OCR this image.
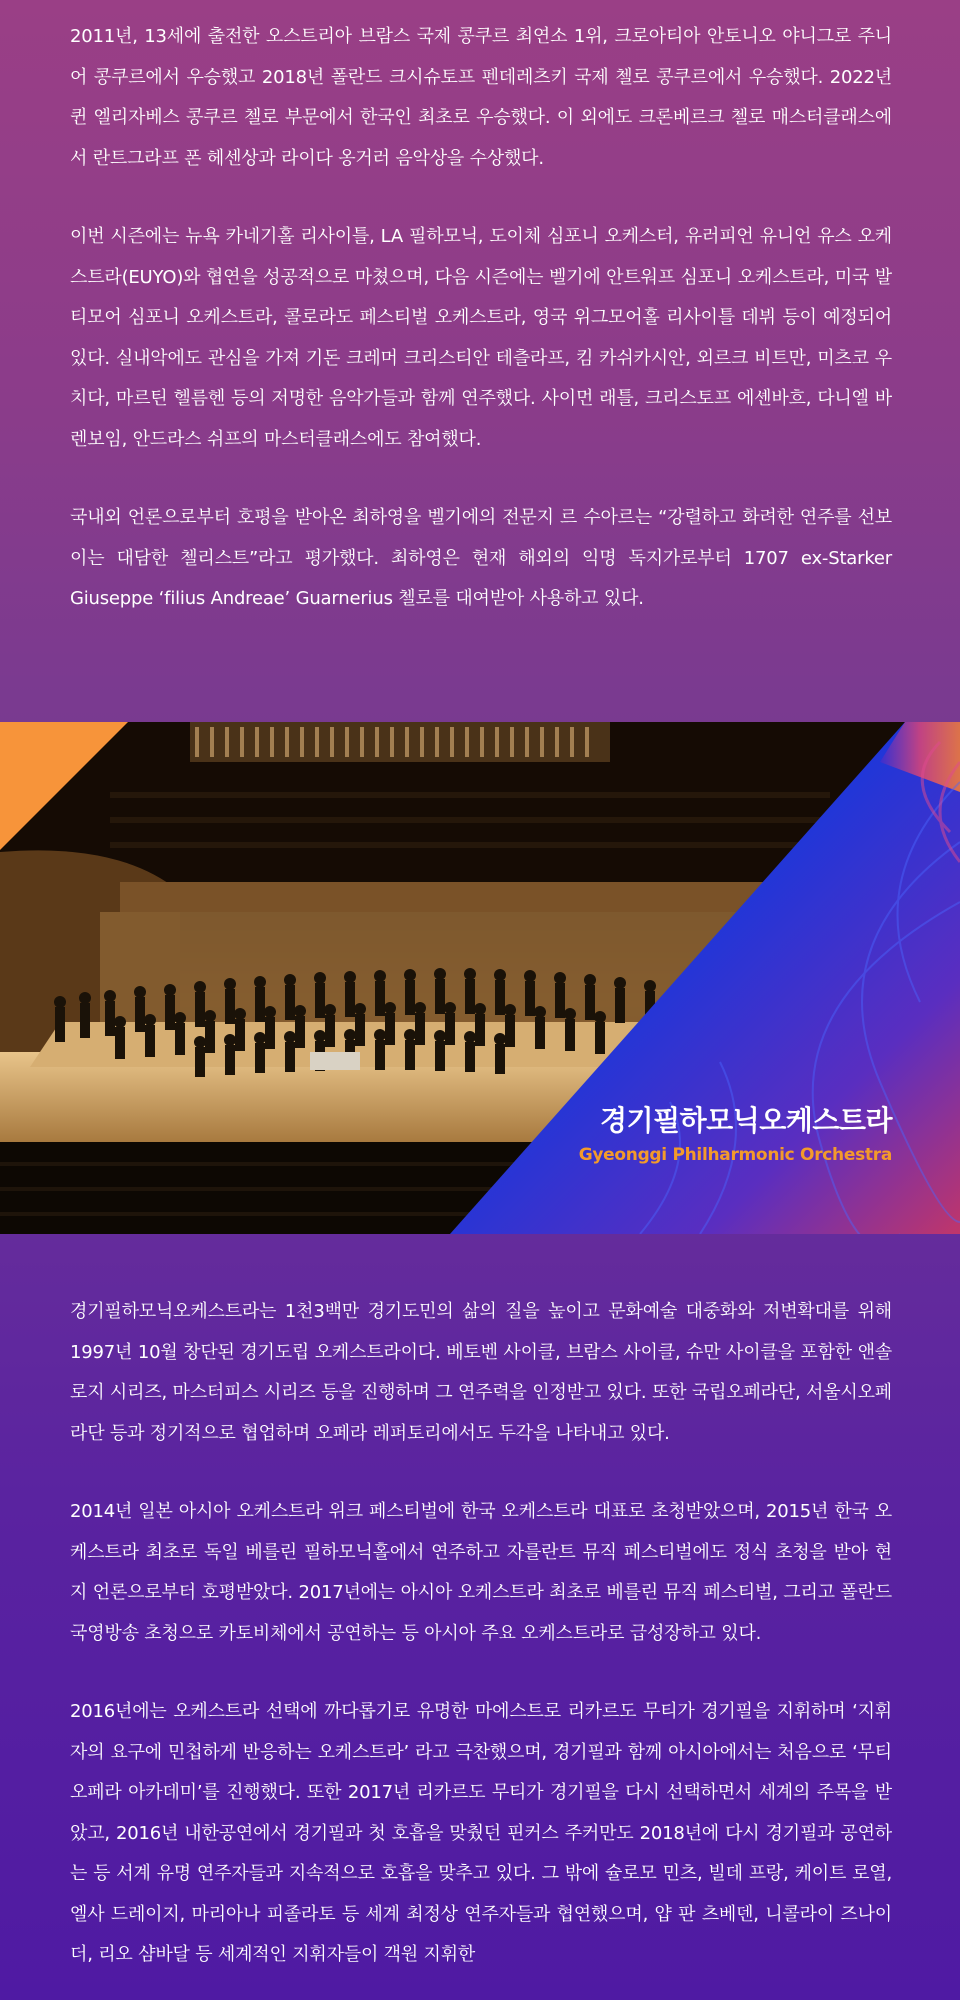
2011년, 13세에 출전한 오스트리아 브람스 국제 콩쿠르 최연소 1위, 크로아티아 안토니오 야니그로 주니어 콩쿠르에서 우승했고 2018년 폴란드 크시슈토프 펜데레츠키 국제 첼로 콩쿠르에서 우승했다. 2022년 퀸 엘리자베스 콩쿠르 첼로 부문에서 한국인 최초로 우승했다. 이 외에도 크론베르크 첼로 매스터클래스에서 란트그라프 폰 헤센상과 라이다 옹거러 음악상을 수상했다.

이번 시즌에는 뉴욕 카네기홀 리사이틀, LA 필하모닉, 도이체 심포니 오케스터, 유러피언 유니언 유스 오케스트라(EUYO)와 협연을 성공적으로 마쳤으며, 다음 시즌에는 벨기에 안트워프 심포니 오케스트라, 미국 발티모어 심포니 오케스트라, 콜로라도 페스티벌 오케스트라, 영국 위그모어홀 리사이틀 데뷔 등이 예정되어 있다. 실내악에도 관심을 가져 기돈 크레머 크리스티안 테츨라프, 킴 카쉬카시안, 외르크 비트만, 미츠코 우치다, 마르틴 헬름헨 등의 저명한 음악가들과 함께 연주했다. 사이먼 래틀, 크리스토프 에셴바흐, 다니엘 바렌보임, 안드라스 쉬프의 마스터클래스에도 참여했다.

국내외 언론으로부터 호평을 받아온 최하영을 벨기에의 전문지 르 수아르는 “강렬하고 화려한 연주를 선보이는 대담한 첼리스트”라고 평가했다. 최하영은 현재 해외의 익명 독지가로부터 1707 ex-Starker Giuseppe ‘filius Andreae’ Guarnerius 첼로를 대여받아 사용하고 있다.

경기필하모닉오케스트라
Gyeonggi Philharmonic Orchestra

경기필하모닉오케스트라는 1천3백만 경기도민의 삶의 질을 높이고 문화예술 대중화와 저변확대를 위해 1997년 10월 창단된 경기도립 오케스트라이다. 베토벤 사이클, 브람스 사이클, 슈만 사이클을 포함한 앤솔로지 시리즈, 마스터피스 시리즈 등을 진행하며 그 연주력을 인정받고 있다. 또한 국립오페라단, 서울시오페라단 등과 정기적으로 협업하며 오페라 레퍼토리에서도 두각을 나타내고 있다.

2014년 일본 아시아 오케스트라 위크 페스티벌에 한국 오케스트라 대표로 초청받았으며, 2015년 한국 오케스트라 최초로 독일 베를린 필하모닉홀에서 연주하고 자를란트 뮤직 페스티벌에도 정식 초청을 받아 현지 언론으로부터 호평받았다. 2017년에는 아시아 오케스트라 최초로 베를린 뮤직 페스티벌, 그리고 폴란드 국영방송 초청으로 카토비체에서 공연하는 등 아시아 주요 오케스트라로 급성장하고 있다.

2016년에는 오케스트라 선택에 까다롭기로 유명한 마에스트로 리카르도 무티가 경기필을 지휘하며 ‘지휘자의 요구에 민첩하게 반응하는 오케스트라’ 라고 극찬했으며, 경기필과 함께 아시아에서는 처음으로 ‘무티 오페라 아카데미’를 진행했다. 또한 2017년 리카르도 무티가 경기필을 다시 선택하면서 세계의 주목을 받았고, 2016년 내한공연에서 경기필과 첫 호흡을 맞췄던 핀커스 주커만도 2018년에 다시 경기필과 공연하는 등 서계 유명 연주자들과 지속적으로 호흡을 맞추고 있다. 그 밖에 슐로모 민츠, 빌데 프랑, 케이트 로열, 엘사 드레이지, 마리아나 피졸라토 등 세계 최정상 연주자들과 협연했으며, 얍 판 츠베덴, 니콜라이 즈나이더, 리오 샴바달 등 세계적인 지휘자들이 객원 지휘한
